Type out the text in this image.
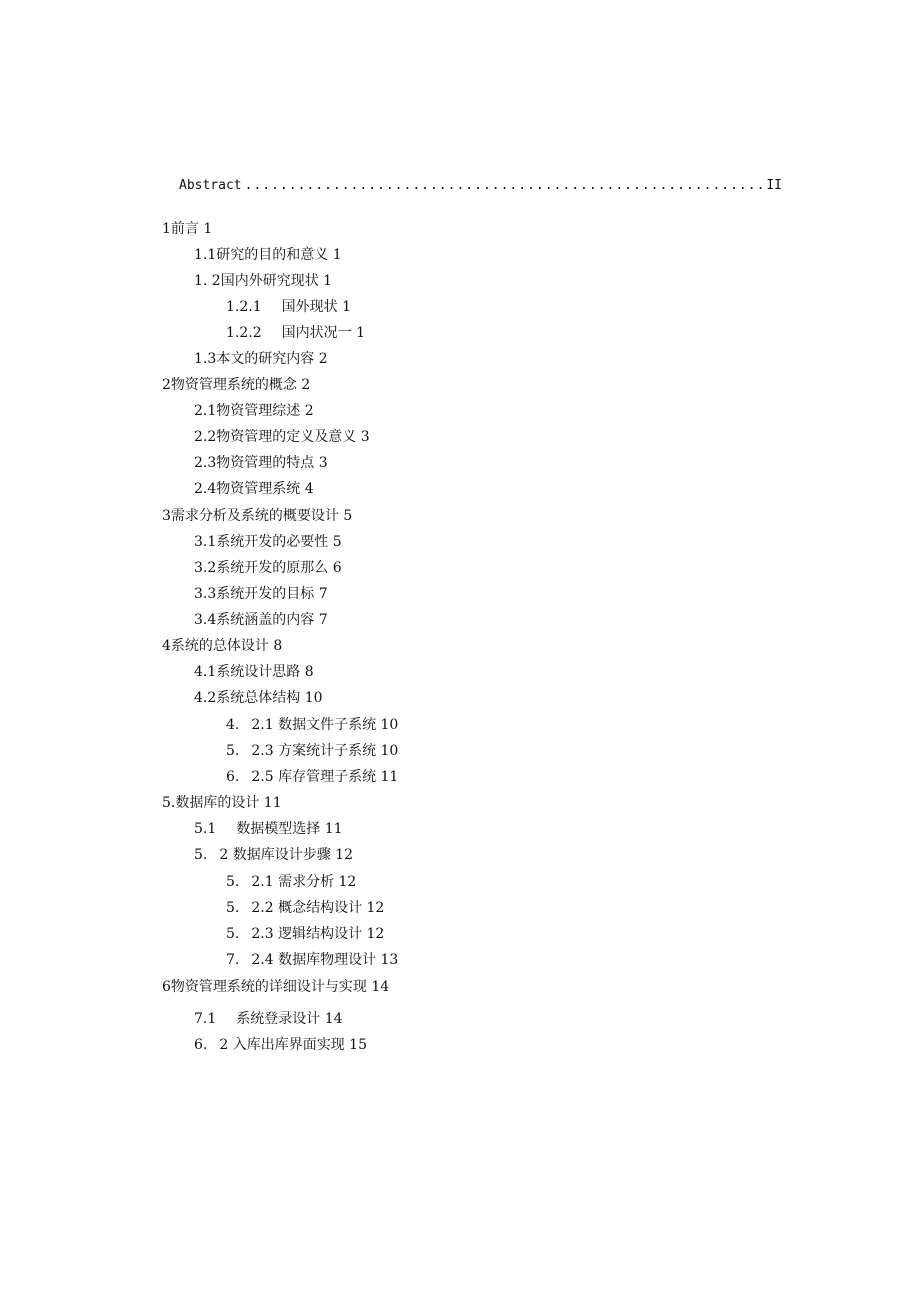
Abstract
.....	II
1前言 1
1.1研究的目的和意义 1
1. 2国内外研究现状 1
1.2.1 国外现状 1
1.2.2 国内状况一 1
1.3本文的研究内容 2
2物资管理系统的概念 2
2.1物资管理综述 2
2.2物资管理的定义及意义 3
2.3物资管理的特点 3
2.4物资管理系统 4
3需求分析及系统的概要设计 5
3.1系统开发的必要性 5
3.2系统开发的原那么 6
3.3系统开发的目标 7
3.4系统涵盖的内容 7
4系统的总体设计 8
4.1系统设计思路 8
4.2系统总体结构 10
4. 2.1 数据文件子系统 10
5. 2.3 方案统计子系统 10
6. 2.5 库存管理子系统 11
5.数据库的设计 11
5.1 数据模型选择 11
5. 2 数据库设计步骤 12
5. 2.1 需求分析 12
5. 2.2 概念结构设计 12
5. 2.3 逻辑结构设计 12
7. 2.4 数据库物理设计 13
6物资管理系统的详细设计与实现 14
7.1 系统登录设计 14
6. 2 入库出库界面实现 15
